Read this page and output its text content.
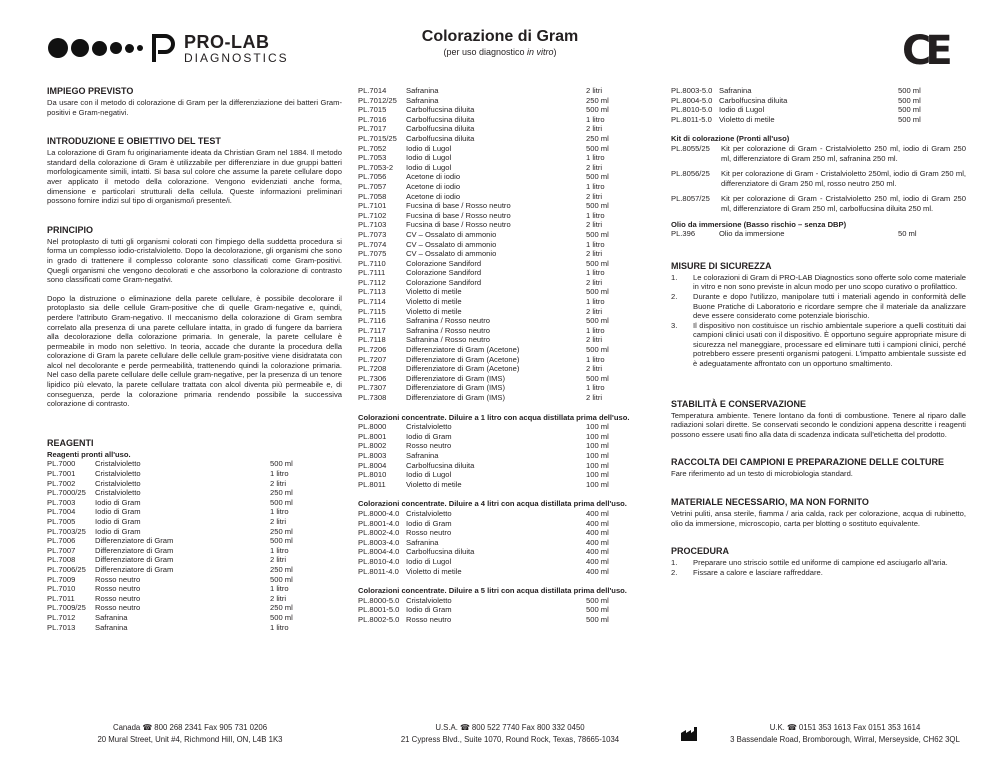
PRO-LAB
DIAGNOSTICS
Colorazione di Gram
(per uso diagnostico in vitro)	CE
IMPIEGO PREVISTO

Da usare con il metodo di colorazione di Gram per la differenziazione dei batteri Gram- positivi e Gram-negativi.

INTRODUZIONE E OBIETTIVO DEL TEST

La colorazione di Gram fu originariamente ideata da Christian Gram nel 1884. Il metodo standard della colorazione di Gram è utilizzabile per differenziare in due gruppi batteri morfologicamente simili, intatti. Si basa sul colore che assume la parete cellulare dopo aver applicato il metodo della colorazione. Vengono evidenziati anche forma, dimensione e particolari strutturali della cellula. Queste informazioni preliminari possono fornire indizi sul tipo di organismo/i presente/i.

PRINCIPIO

Nel protoplasto di tutti gli organismi colorati con l'impiego della suddetta procedura si forma un complesso iodio-cristalvioletto. Dopo la decolorazione, gli organismi che sono in grado di trattenere il complesso colorante sono classificati come Gram-positivi. Quegli organismi che vengono decolorati e che assorbono la colorazione di contrasto sono classificati come Gram-negativi.

Dopo la distruzione o eliminazione della parete cellulare, è possibile decolorare il protoplasto sia delle cellule Gram-positive che di quelle Gram-negative e, quindi, perdere l'attributo Gram-negativo. Il meccanismo della colorazione di Gram sembra correlato alla presenza di una parete cellulare intatta, in grado di fungere da barriera alla decolorazione della colorazione primaria. In generale, la parete cellulare è permeabile in modo non selettivo. In teoria, accade che durante la procedura della colorazione di Gram la parete cellulare delle cellule gram-positive viene disidratata con alcol nel decolorante e perde permeabilità, trattenendo quindi la colorazione primaria. Nel caso della parete cellulare delle cellule gram-negative, per la presenza di un tenore lipidico più elevato, la parete cellulare trattata con alcol diventa più permeabile e, di conseguenza, perde la colorazione primaria rendendo possibile la successiva colorazione di contrasto.

REAGENTI
Reagenti pronti all'uso.
PL.7000	Cristalvioletto	500 ml
PL.7001	Cristalvioletto	1 litro
PL.7002	Cristalvioletto	2 litri
PL.7000/25	Cristalvioletto	250 ml
PL.7003	Iodio di Gram	500 ml
PL.7004	Iodio di Gram	1 litro
PL.7005	Iodio di Gram	2 litri
PL.7003/25	Iodio di Gram	250 ml
PL.7006	Differenziatore di Gram	500 ml
PL.7007	Differenziatore di Gram	1 litro
PL.7008	Differenziatore di Gram	2 litri
PL.7006/25	Differenziatore di Gram	250 ml
PL.7009	Rosso neutro	500 ml
PL.7010	Rosso neutro	1 litro
PL.7011	Rosso neutro	2 litri
PL.7009/25	Rosso neutro	250 ml
PL.7012	Safranina	500 ml
PL.7013	Safranina	1 litro
PL.7014	Safranina	2 litri
PL.7012/25	Safranina	250 ml
PL.7015	Carbolfucsina diluita	500 ml
PL.7016	Carbolfucsina diluita	1 litro
PL.7017	Carbolfucsina diluita	2 litri
PL.7015/25	Carbolfucsina diluita	250 ml
PL.7052	Iodio di Lugol	500 ml
PL.7053	Iodio di Lugol	1 litro
PL.7053-2	Iodio di Lugol	2 litri
PL.7056	Acetone di iodio	500 ml
PL.7057	Acetone di iodio	1 litro
PL.7058	Acetone di iodio	2 litri
PL.7101	Fucsina di base / Rosso neutro	500 ml
PL.7102	Fucsina di base / Rosso neutro	1 litro
PL.7103	Fucsina di base / Rosso neutro	2 litri
PL.7073	CV – Ossalato di ammonio	500 ml
PL.7074	CV – Ossalato di ammonio	1 litro
PL.7075	CV – Ossalato di ammonio	2 litri
PL.7110	Colorazione Sandiford	500 ml
PL.7111	Colorazione Sandiford	1 litro
PL.7112	Colorazione Sandiford	2 litri
PL.7113	Violetto di metile	500 ml
PL.7114	Violetto di metile	1 litro
PL.7115	Violetto di metile	2 litri
PL.7116	Safranina / Rosso neutro	500 ml
PL.7117	Safranina / Rosso neutro	1 litro
PL.7118	Safranina / Rosso neutro	2 litri
PL.7206	Differenziatore di Gram (Acetone)	500 ml
PL.7207	Differenziatore di Gram (Acetone)	1 litro
PL.7208	Differenziatore di Gram (Acetone)	2 litri
PL.7306	Differenziatore di Gram (IMS)	500 ml
PL.7307	Differenziatore di Gram (IMS)	1 litro
PL.7308	Differenziatore di Gram (IMS)	2 litri
Colorazioni concentrate. Diluire a 1 litro con acqua distillata prima dell'uso.
PL.8000	Cristalvioletto	100 ml
PL.8001	Iodio di Gram	100 ml
PL.8002	Rosso neutro	100 ml
PL.8003	Safranina	100 ml
PL.8004	Carbolfucsina diluita	100 ml
PL.8010	Iodio di Lugol	100 ml
PL.8011	Violetto di metile	100 ml
Colorazioni concentrate. Diluire a 4 litri con acqua distillata prima dell'uso.
PL.8000-4.0 Cristalvioletto	400 ml
PL.8001-4.0 Iodio di Gram	400 ml
PL.8002-4.0 Rosso neutro	400 ml
PL.8003-4.0 Safranina	400 ml
PL.8004-4.0 Carbolfucsina diluita	400 ml
PL.8010-4.0 Iodio di Lugol	400 ml
PL.8011-4.0 Violetto di metile	400 ml
Colorazioni concentrate. Diluire a 5 litri con acqua distillata prima dell'uso.
PL.8000-5.0 Cristalvioletto	500 ml
PL.8001-5.0 Iodio di Gram	500 ml
PL.8002-5.0 Rosso neutro	500 ml
PL.8003-5.0 Safranina	500 ml
PL.8004-5.0 Carbolfucsina diluita	500 ml
PL.8010-5.0 Iodio di Lugol	500 ml
PL.8011-5.0 Violetto di metile	500 ml
Kit di colorazione (Pronti all'uso)
PL.8055/25	Kit per colorazione di Gram - Cristalvioletto 250 ml, iodio di Gram 250 ml, differenziatore di Gram 250 ml, safranina 250 ml.
PL.8056/25	Kit per colorazione di Gram - Cristalvioletto 250ml, iodio di Gram 250 ml, differenziatore di Gram 250 ml, rosso neutro 250 ml.
PL.8057/25	Kit per colorazione di Gram - Cristalvioletto 250 ml, iodio di Gram 250 ml, differenziatore di Gram 250 ml, carbolfucsina diluita 250 ml.
Olio da immersione (Basso rischio – senza DBP)
PL.396	Olio da immersione	50 ml
MISURE DI SICUREZZA
1.	Le colorazioni di Gram di PRO-LAB Diagnostics sono offerte solo come materiale in vitro e non sono previste in alcun modo per uno scopo curativo o profilattico.
2.	Durante e dopo l'utilizzo, manipolare tutti i materiali agendo in conformità delle Buone Pratiche di Laboratorio e ricordare sempre che il materiale da analizzare deve essere considerato come potenziale biorischio.
3.	Il dispositivo non costituisce un rischio ambientale superiore a quelli costituiti dai campioni clinici usati con il dispositivo. È opportuno seguire appropriate misure di sicurezza nel maneggiare, processare ed eliminare tutti i campioni clinici, perché potrebbero essere presenti organismi patogeni. L'impatto ambientale sussiste ed è adeguatamente affrontato con un opportuno smaltimento.
STABILITÀ E CONSERVAZIONE

Temperatura ambiente. Tenere lontano da fonti di combustione. Tenere al riparo dalle radiazioni solari dirette. Se conservati secondo le condizioni appena descritte i reagenti possono essere usati fino alla data di scadenza indicata sull'etichetta del prodotto.

RACCOLTA DEI CAMPIONI E PREPARAZIONE DELLE COLTURE

Fare riferimento ad un testo di microbiologia standard.

MATERIALE NECESSARIO, MA NON FORNITO

Vetrini puliti, ansa sterile, fiamma / aria calda, rack per colorazione, acqua di rubinetto, olio da immersione, microscopio, carta per blotting o sostituto equivalente.

PROCEDURA
1.	Preparare uno striscio sottile ed uniforme di campione ed asciugarlo all'aria.
2.	Fissare a calore e lasciare raffreddare.
Canada ☎ 800 268 2341 Fax 905 731 0206
20 Mural Street, Unit #4, Richmond Hill, ON, L4B 1K3
U.S.A. ☎ 800 522 7740 Fax 800 332 0450
21 Cypress Blvd., Suite 1070, Round Rock, Texas, 78665-1034
U.K. ☎ 0151 353 1613 Fax 0151 353 1614
3 Bassendale Road, Bromborough, Wirral, Merseyside, CH62 3QL
